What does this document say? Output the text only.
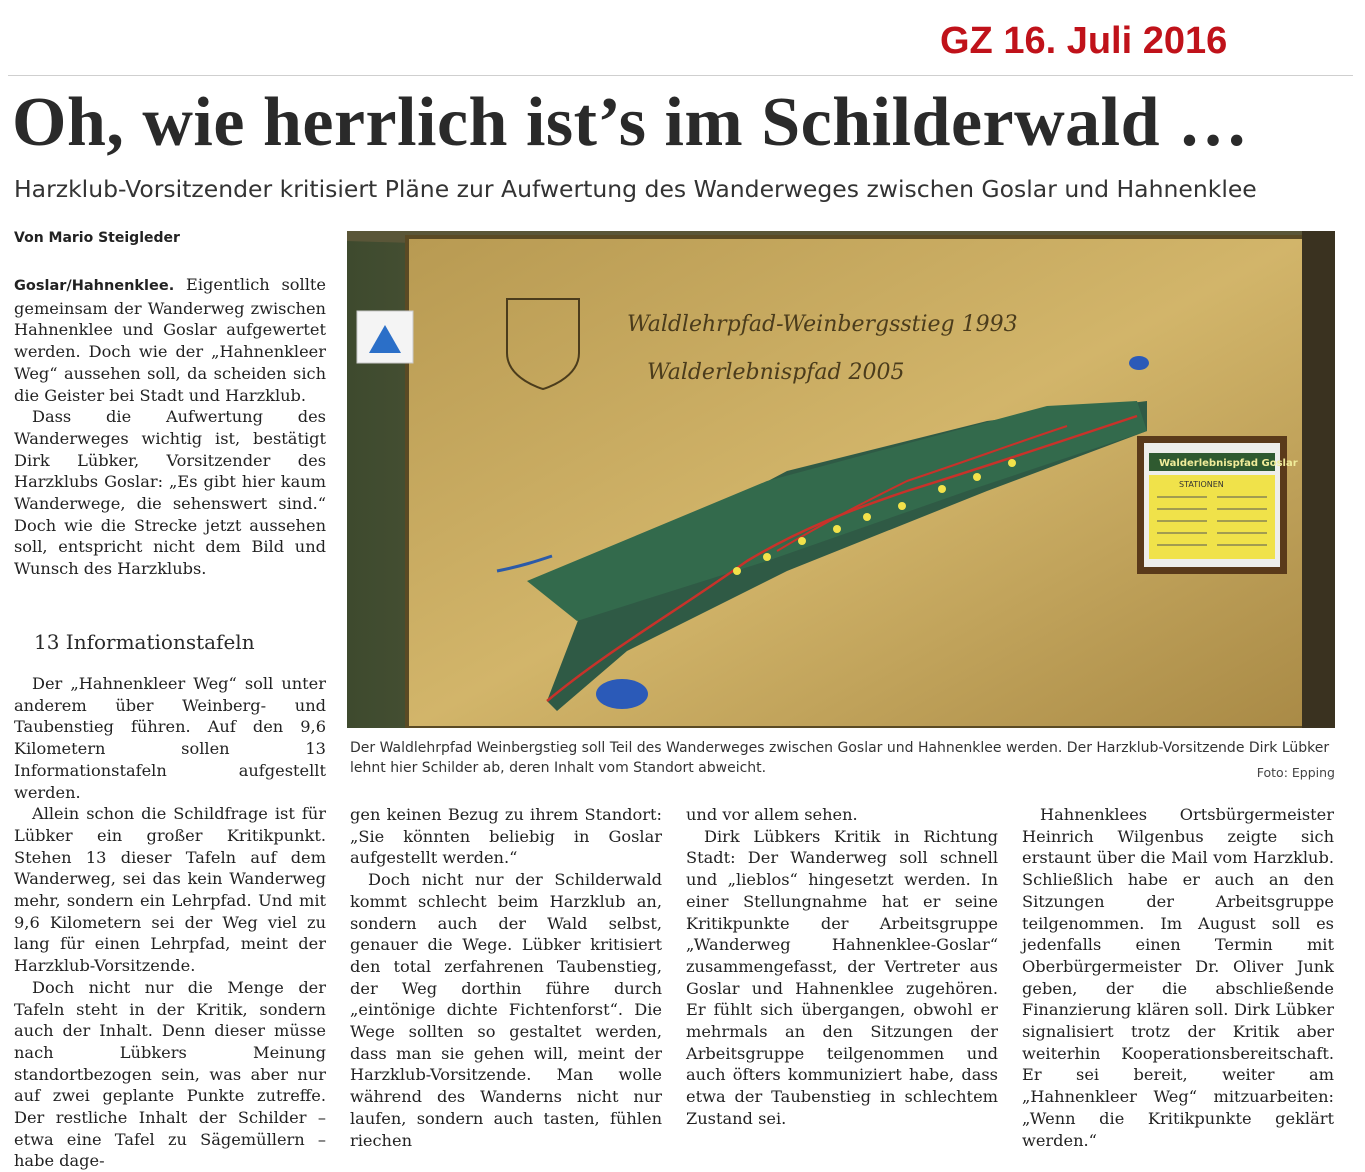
GZ 16. Juli 2016
Oh, wie herrlich ist’s im Schilderwald …
Harzklub-Vorsitzender kritisiert Pläne zur Aufwertung des Wanderweges zwischen Goslar und Hahnenklee
Von Mario Steigleder
Waldlehrpfad-Weinbergsstieg 1993
Walderlebnispfad 2005
Walderlebnispfad Goslar
STATIONEN
Der Waldlehrpfad Weinbergstieg soll Teil des Wanderweges zwischen Goslar und Hahnenklee werden. Der Harzklub-Vorsitzende Dirk Lübker lehnt hier Schilder ab, deren Inhalt vom Standort abweicht.	Foto: Epping

Goslar/Hahnenklee. Eigentlich sollte gemeinsam der Wanderweg zwischen Hahnenklee und Goslar aufgewertet werden. Doch wie der „Hahnenkleer Weg“ aussehen soll, da scheiden sich die Geister bei Stadt und Harzklub.

Dass die Aufwertung des Wanderweges wichtig ist, bestätigt Dirk Lübker, Vorsitzender des Harzklubs Goslar: „Es gibt hier kaum Wanderwege, die sehenswert sind.“ Doch wie die Strecke jetzt aussehen soll, entspricht nicht dem Bild und Wunsch des Harzklubs.

13 Informationstafeln

Der „Hahnenkleer Weg“ soll unter anderem über Weinberg- und Taubenstieg führen. Auf den 9,6 Kilometern sollen 13 Informationstafeln aufgestellt werden.

Allein schon die Schildfrage ist für Lübker ein großer Kritikpunkt. Stehen 13 dieser Tafeln auf dem Wanderweg, sei das kein Wanderweg mehr, sondern ein Lehrpfad. Und mit 9,6 Kilometern sei der Weg viel zu lang für einen Lehrpfad, meint der Harzklub-Vorsitzende.

Doch nicht nur die Menge der Tafeln steht in der Kritik, sondern auch der Inhalt. Denn dieser müsse nach Lübkers Meinung standortbezogen sein, was aber nur auf zwei geplante Punkte zutreffe. Der restliche Inhalt der Schilder – etwa eine Tafel zu Sägemüllern – habe dage-

gen keinen Bezug zu ihrem Standort: „Sie könnten beliebig in Goslar aufgestellt werden.“

Doch nicht nur der Schilderwald kommt schlecht beim Harzklub an, sondern auch der Wald selbst, genauer die Wege. Lübker kritisiert den total zerfahrenen Taubenstieg, der Weg dorthin führe durch „eintönige dichte Fichtenforst“. Die Wege sollten so gestaltet werden, dass man sie gehen will, meint der Harzklub-Vorsitzende. Man wolle während des Wanderns nicht nur laufen, sondern auch tasten, fühlen riechen

und vor allem sehen.

Dirk Lübkers Kritik in Richtung Stadt: Der Wanderweg soll schnell und „lieblos“ hingesetzt werden. In einer Stellungnahme hat er seine Kritikpunkte der Arbeitsgruppe „Wanderweg Hahnenklee-Goslar“ zusammengefasst, der Vertreter aus Goslar und Hahnenklee zugehören. Er fühlt sich übergangen, obwohl er mehrmals an den Sitzungen der Arbeitsgruppe teilgenommen und auch öfters kommuniziert habe, dass etwa der Taubenstieg in schlechtem Zustand sei.

Hahnenklees Ortsbürgermeister Heinrich Wilgenbus zeigte sich erstaunt über die Mail vom Harzklub. Schließlich habe er auch an den Sitzungen der Arbeitsgruppe teilgenommen. Im August soll es jedenfalls einen Termin mit Oberbürgermeister Dr. Oliver Junk geben, der die abschließende Finanzierung klären soll. Dirk Lübker signalisiert trotz der Kritik aber weiterhin Kooperationsbereitschaft. Er sei bereit, weiter am „Hahnenkleer Weg“ mitzuarbeiten: „Wenn die Kritikpunkte geklärt werden.“
